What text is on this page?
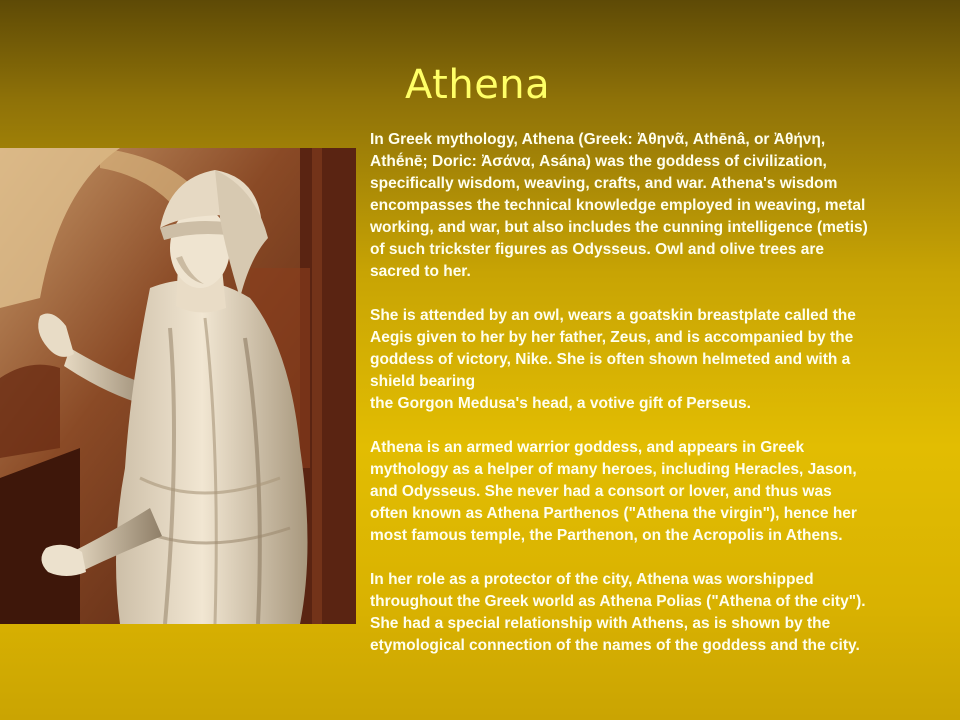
Athena

In Greek mythology, Athena (Greek: Ἀθηνᾶ, Athēnâ, or Ἀθήνη,
Athḗnē; Doric: Ἀσάνα, Asána) was the goddess of civilization,
specifically wisdom, weaving, crafts, and war. Athena's wisdom
encompasses the technical knowledge employed in weaving, metal
working, and war, but also includes the cunning intelligence (metis)
of such trickster figures as Odysseus. Owl and olive trees are
sacred to her.

She is attended by an owl, wears a goatskin breastplate called the
Aegis given to her by her father, Zeus, and is accompanied by the
goddess of victory, Nike. She is often shown helmeted and with a
shield bearing
the Gorgon Medusa's head, a votive gift of Perseus.

Athena is an armed warrior goddess, and appears in Greek
mythology as a helper of many heroes, including Heracles, Jason,
and Odysseus. She never had a consort or lover, and thus was
often known as Athena Parthenos ("Athena the virgin"), hence her
most famous temple, the Parthenon, on the Acropolis in Athens.

In her role as a protector of the city, Athena was worshipped
throughout the Greek world as Athena Polias ("Athena of the city").
She had a special relationship with Athens, as is shown by the
etymological connection of the names of the goddess and the city.
